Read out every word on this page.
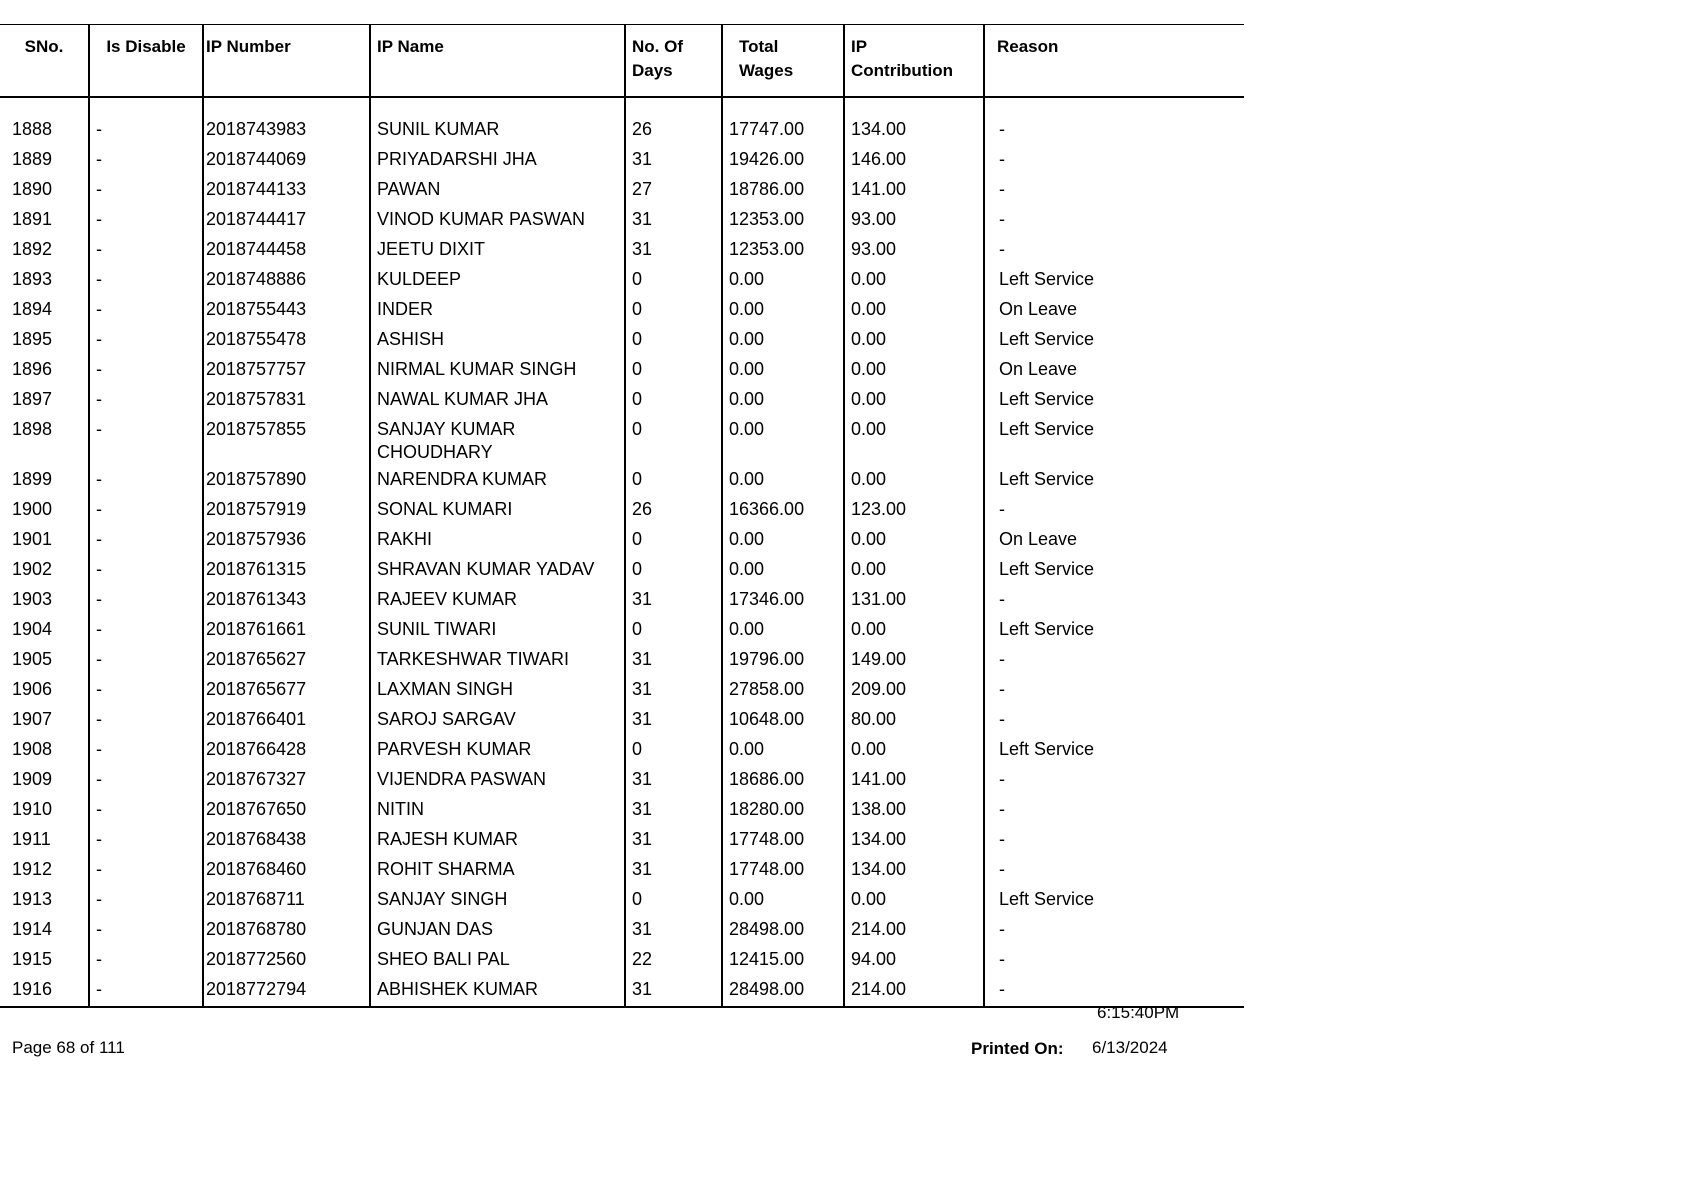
SNo.	Is Disable	IP Number	IP Name	No. Of Days	Total Wages	IP Contribution	Reason
1888	-	2018743983	SUNIL KUMAR	26	17747.00	134.00	-
1889	-	2018744069	PRIYADARSHI JHA	31	19426.00	146.00	-
1890	-	2018744133	PAWAN	27	18786.00	141.00	-
1891	-	2018744417	VINOD KUMAR PASWAN	31	12353.00	93.00	-
1892	-	2018744458	JEETU DIXIT	31	12353.00	93.00	-
1893	-	2018748886	KULDEEP	0	0.00	0.00	Left Service
1894	-	2018755443	INDER	0	0.00	0.00	On Leave
1895	-	2018755478	ASHISH	0	0.00	0.00	Left Service
1896	-	2018757757	NIRMAL KUMAR SINGH	0	0.00	0.00	On Leave
1897	-	2018757831	NAWAL KUMAR JHA	0	0.00	0.00	Left Service
1898	-	2018757855	SANJAY KUMAR CHOUDHARY	0	0.00	0.00	Left Service
1899	-	2018757890	NARENDRA KUMAR	0	0.00	0.00	Left Service
1900	-	2018757919	SONAL KUMARI	26	16366.00	123.00	-
1901	-	2018757936	RAKHI	0	0.00	0.00	On Leave
1902	-	2018761315	SHRAVAN KUMAR YADAV	0	0.00	0.00	Left Service
1903	-	2018761343	RAJEEV KUMAR	31	17346.00	131.00	-
1904	-	2018761661	SUNIL TIWARI	0	0.00	0.00	Left Service
1905	-	2018765627	TARKESHWAR TIWARI	31	19796.00	149.00	-
1906	-	2018765677	LAXMAN SINGH	31	27858.00	209.00	-
1907	-	2018766401	SAROJ SARGAV	31	10648.00	80.00	-
1908	-	2018766428	PARVESH KUMAR	0	0.00	0.00	Left Service
1909	-	2018767327	VIJENDRA PASWAN	31	18686.00	141.00	-
1910	-	2018767650	NITIN	31	18280.00	138.00	-
1911	-	2018768438	RAJESH KUMAR	31	17748.00	134.00	-
1912	-	2018768460	ROHIT SHARMA	31	17748.00	134.00	-
1913	-	2018768711	SANJAY SINGH	0	0.00	0.00	Left Service
1914	-	2018768780	GUNJAN DAS	31	28498.00	214.00	-
1915	-	2018772560	SHEO BALI PAL	22	12415.00	94.00	-
1916	-	2018772794	ABHISHEK KUMAR	31	28498.00	214.00	-
6:15:40PM
Page 68 of 111	Printed On: 6/13/2024
